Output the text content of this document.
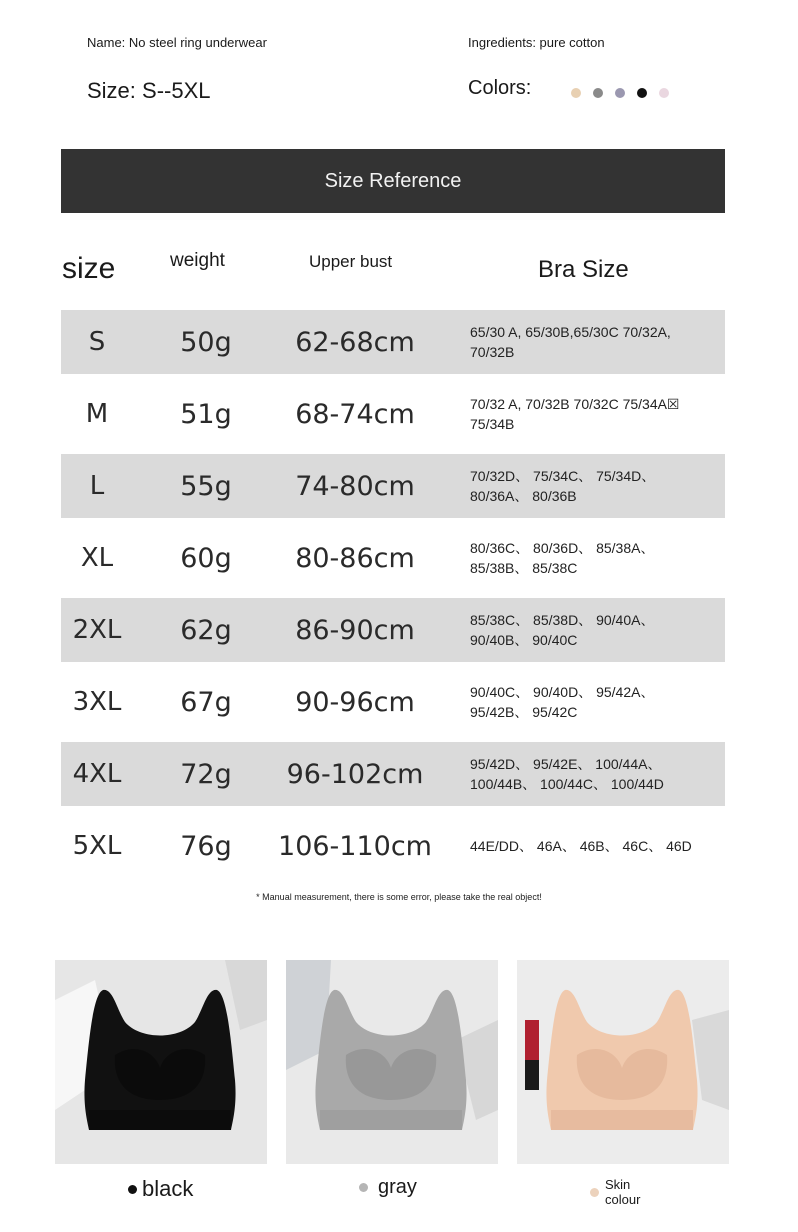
Name: No steel ring underwear	Ingredients: pure cotton
Size: S--5XL	Colors:
Size Reference
size	weight	Upper bust	Bra Size
S	50g	62-68cm	65/30 A, 65/30B,65/30C 70/32A,
70/32B
M	51g	68-74cm	70/32 A, 70/32B 70/32C 75/34A☒
75/34B
L	55g	74-80cm	70/32D、 75/34C、 75/34D、
80/36A、 80/36B
XL	60g	80-86cm	80/36C、 80/36D、 85/38A、
85/38B、 85/38C
2XL	62g	86-90cm	85/38C、 85/38D、 90/40A、
90/40B、 90/40C
3XL	67g	90-96cm	90/40C、 90/40D、 95/42A、
95/42B、 95/42C
4XL	72g	96-102cm	95/42D、 95/42E、 100/44A、
100/44B、 100/44C、 100/44D
5XL	76g	106-110cm	44E/DD、 46A、 46B、 46C、 46D
* Manual measurement, there is some error, please take the real object!
black	gray	Skin
colour
